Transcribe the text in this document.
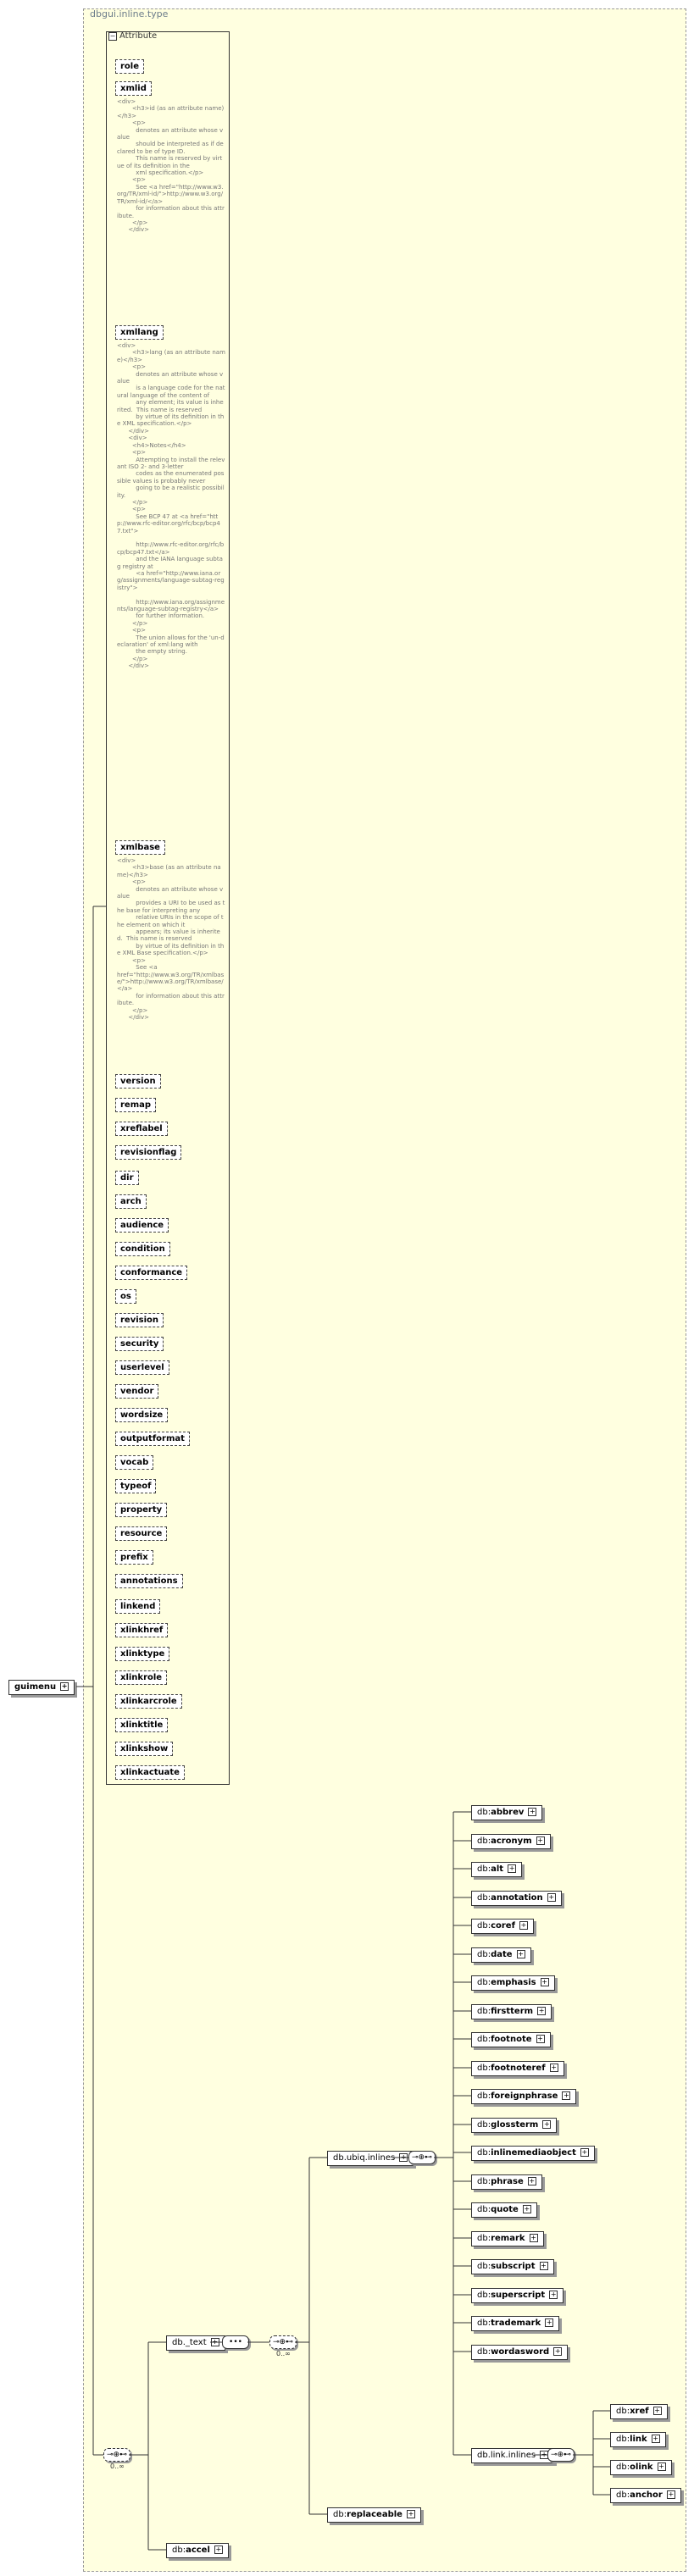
dbgui.inline.type
− Attribute
role
xmlid
<div>
<h3>id (as an attribute name)</h3>
<p>
denotes an attribute whose value
should be interpreted as if declared to be of type ID.
This name is reserved by virtue of its definition in the
xml specification.</p>
<p>
See <a href="http://www.w3.org/TR/xml-id/">http://www.w3.org/TR/xml-id/</a>
for information about this attribute.
</p>
</div>
xmllang
<div>
<h3>lang (as an attribute name)</h3>
<p>
denotes an attribute whose value
is a language code for the natural language of the content of
any element; its value is inherited.  This name is reserved
by virtue of its definition in the XML specification.</p>
</div>
<div>
<h4>Notes</h4>
<p>
Attempting to install the relevant ISO 2- and 3-letter
codes as the enumerated possible values is probably never
going to be a realistic possibility.
</p>
<p>
See BCP 47 at <a href="http://www.rfc-editor.org/rfc/bcp/bcp47.txt">

http://www.rfc-editor.org/rfc/bcp/bcp47.txt</a>
and the IANA language subtag registry at
<a href="http://www.iana.org/assignments/language-subtag-registry">

http://www.iana.org/assignments/language-subtag-registry</a>
for further information.
</p>
<p>
The union allows for the 'un-declaration' of xml:lang with
the empty string.
</p>
</div>
xmlbase
<div>
<h3>base (as an attribute name)</h3>
<p>
denotes an attribute whose value
provides a URI to be used as the base for interpreting any
relative URIs in the scope of the element on which it
appears; its value is inherited.  This name is reserved
by virtue of its definition in the XML Base specification.</p>
<p>
See <a
href="http://www.w3.org/TR/xmlbase/">http://www.w3.org/TR/xmlbase/</a>
for information about this attribute.
</p>
</div>
version
remap
xreflabel
revisionflag
dir
arch
audience
condition
conformance
os
revision
security
userlevel
vendor
wordsize
outputformat
vocab
typeof
property
resource
prefix
annotations
linkend
xlinkhref
xlinktype
xlinkrole
xlinkarcrole
xlinktitle
xlinkshow
xlinkactuate
guimenu +
⊸⊕⊷
0..∞
db._text +	•••	⊸⊕⊷
0..∞
db.ubiq.inlines + ⊸⊕⊷
db:abbrev +
db:acronym +
db:alt +
db:annotation +
db:coref +
db:date +
db:emphasis +
db:firstterm +
db:footnote +
db:footnoteref +
db:foreignphrase +
db:glossterm +
db:inlinemediaobject +
db:phrase +
db:quote +
db:remark +
db:subscript +
db:superscript +
db:trademark +
db:wordasword +
db.link.inlines + ⊸⊕⊷
db:xref +
db:link +
db:olink +
db:anchor +
db:replaceable +
db:accel +
